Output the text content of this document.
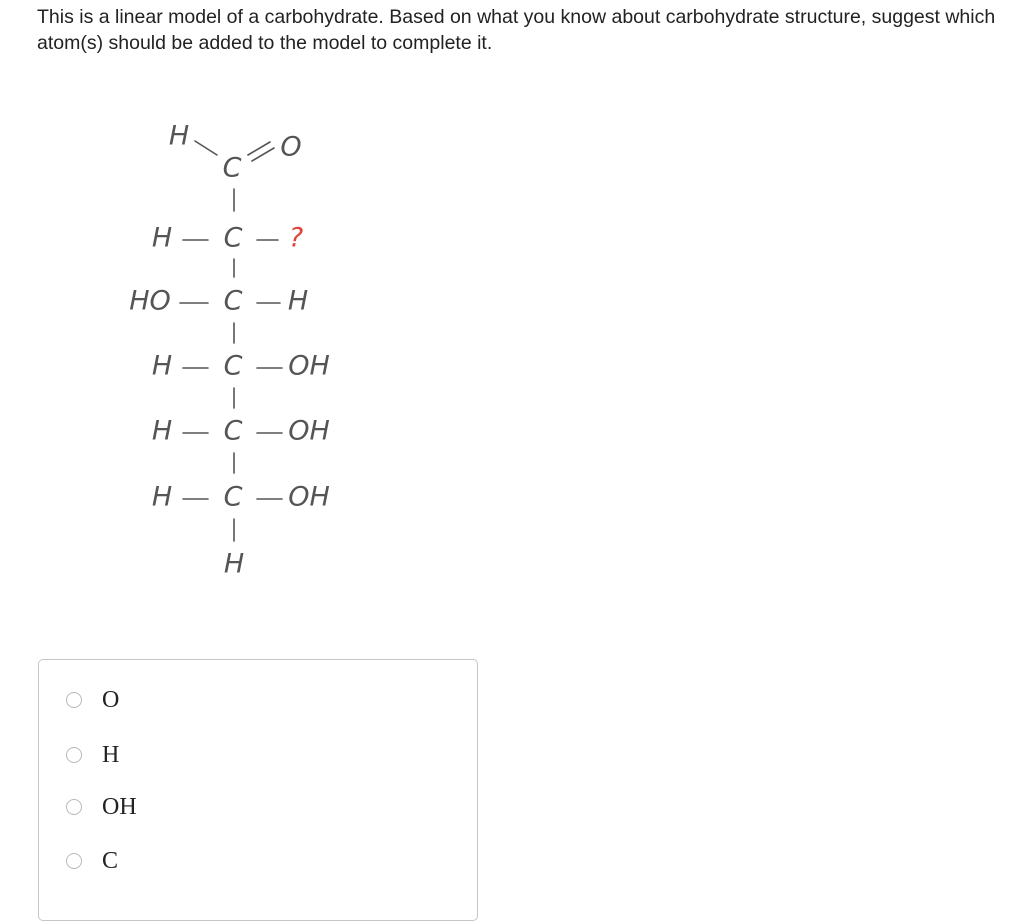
This is a linear model of a carbohydrate. Based on what you know about carbohydrate structure, suggest which atom(s) should be added to the model to complete it.

H
C
O
H C ?
HO C H
H C OH
H C OH
H C OH
H
O
H
OH
C
